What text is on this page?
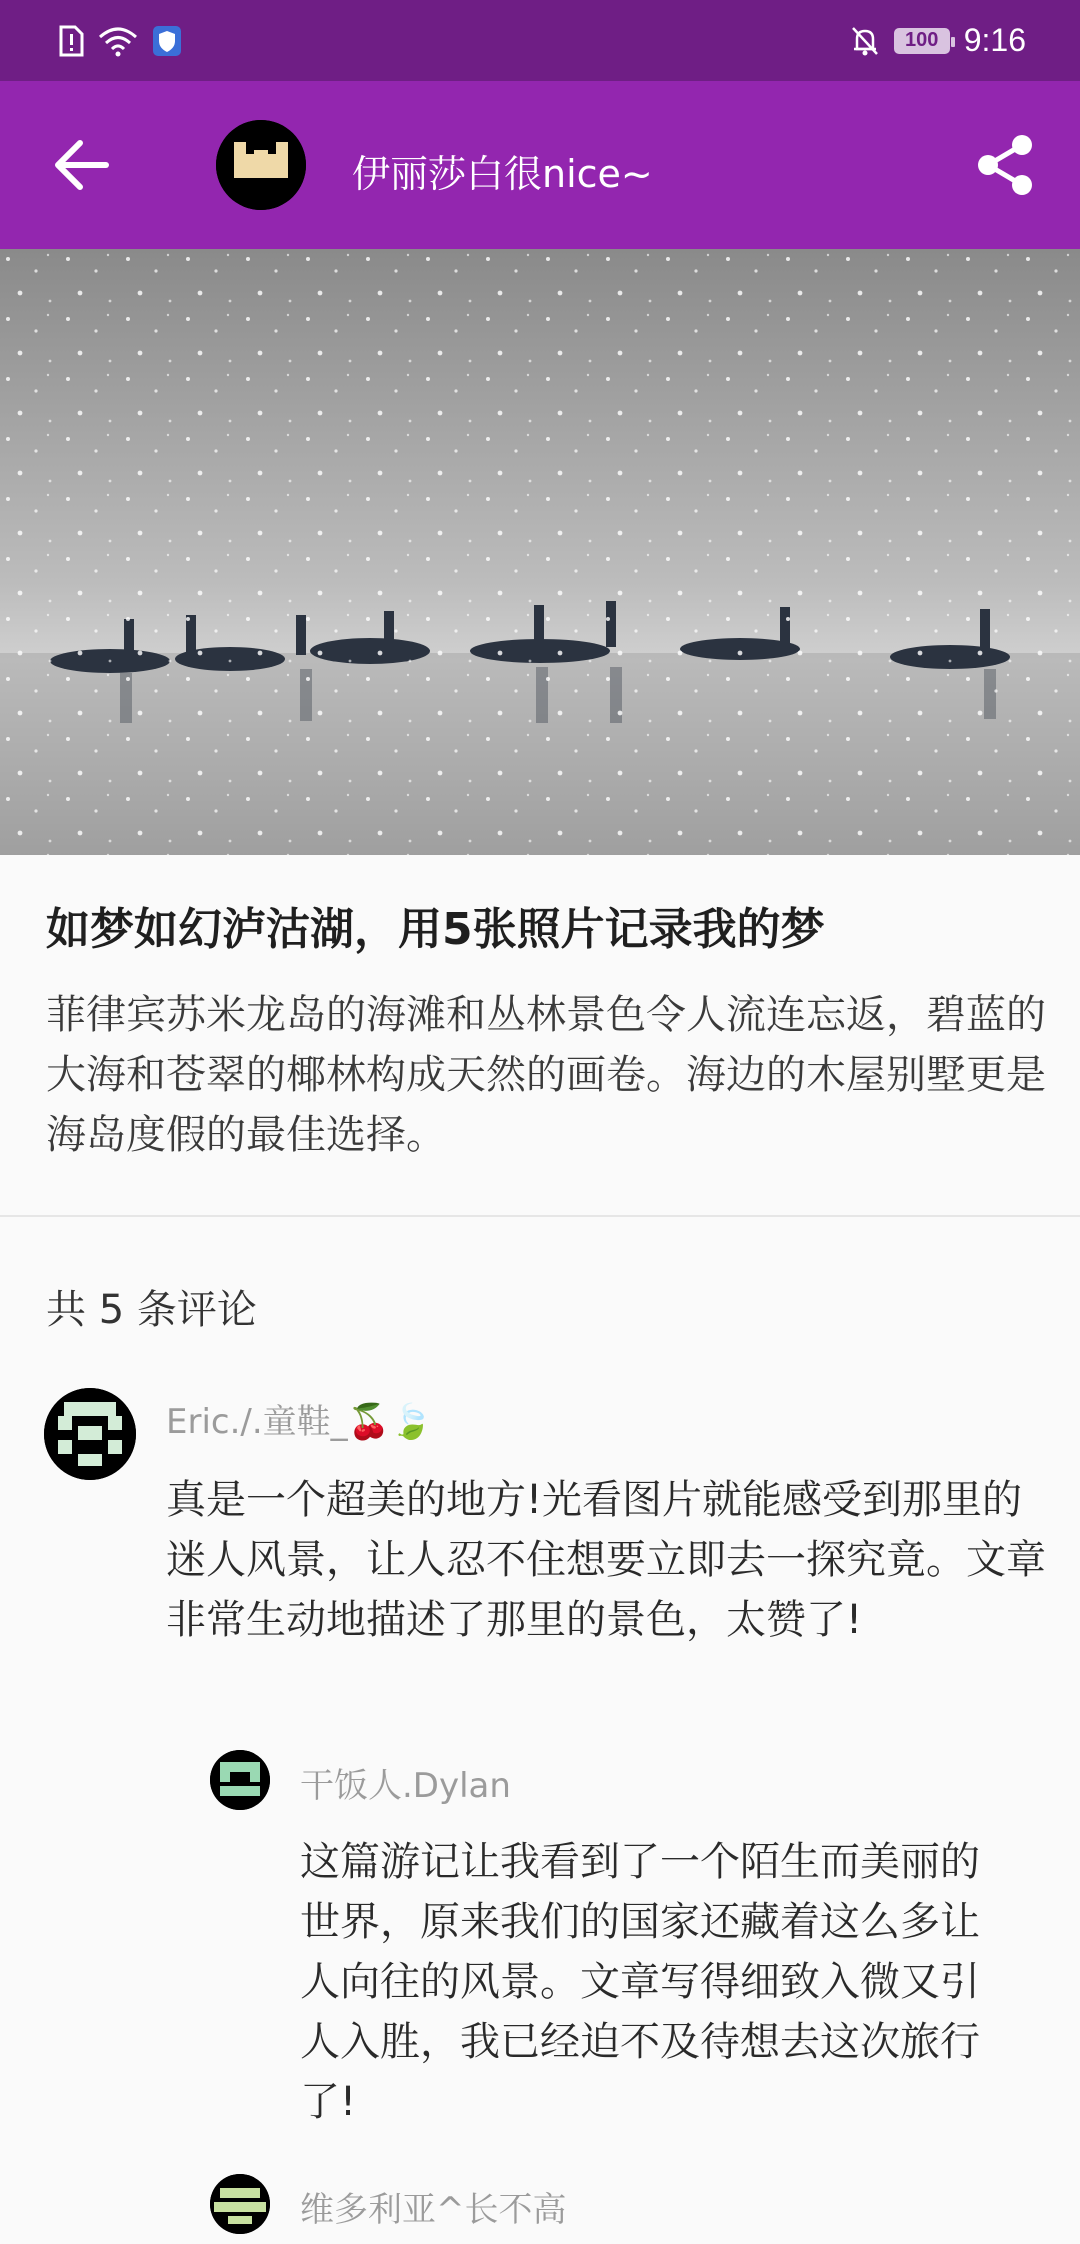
100 9:16
伊丽莎白很nice~
如梦如幻泸沽湖，用5张照片记录我的梦
菲律宾苏米龙岛的海滩和丛林景色令人流连忘返，碧蓝的大海和苍翠的椰林构成天然的画卷。海边的木屋别墅更是海岛度假的最佳选择。
共 5 条评论
Eric./.童鞋_🍒🍃
真是一个超美的地方!光看图片就能感受到那里的迷人风景，让人忍不住想要立即去一探究竟。文章非常生动地描述了那里的景色，太赞了!
干饭人.Dylan
这篇游记让我看到了一个陌生而美丽的世界，原来我们的国家还藏着这么多让人向往的风景。文章写得细致入微又引人入胜，我已经迫不及待想去这次旅行了!
维多利亚^长不高
